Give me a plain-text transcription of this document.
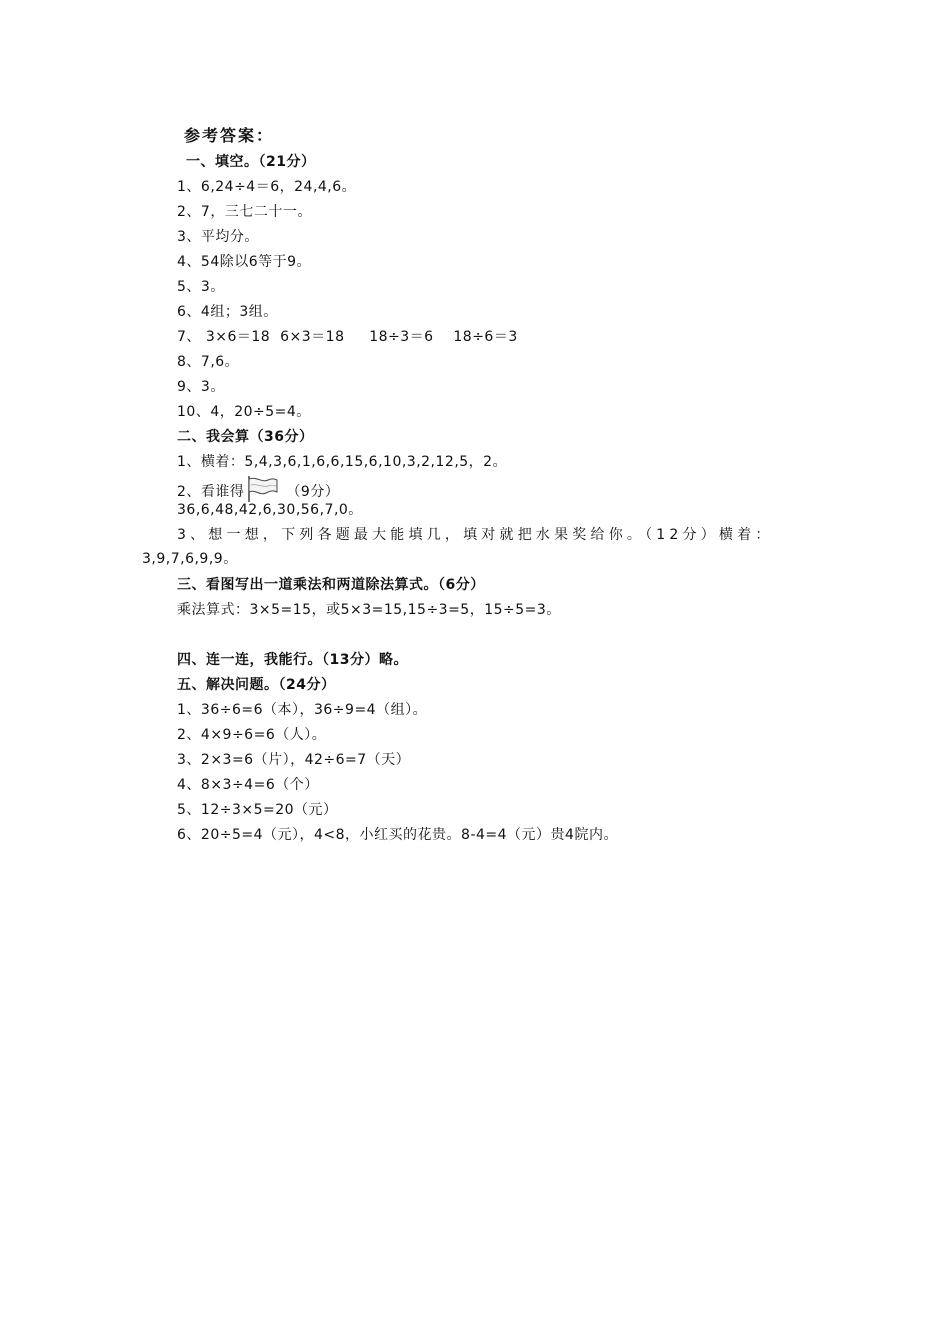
参考答案：
一、填空。（21分）
1、6,24÷4＝6，24,4,6。
2、7，三七二十一。
3、平均分。
4、54除以6等于9。
5、3。
6、4组；3组。
7、 3×6＝18  6×3＝18     18÷3＝6    18÷6＝3
8、7,6。
9、3。
10、4，20÷5=4。
二、我会算（36分）
1、横着：5,4,3,6,1,6,6,15,6,10,3,2,12,5，2。
2、看谁得	（9分）
36,6,48,42,6,30,56,7,0。
3、想一想，下列各题最大能填几，填对就把水果奖给你。（12分）横着：
3,9,7,6,9,9。
三、看图写出一道乘法和两道除法算式。（6分）
乘法算式：3×5=15，或5×3=15,15÷3=5，15÷5=3。
四、连一连，我能行。（13分）略。
五、解决问题。（24分）
1、36÷6=6（本），36÷9=4（组）。
2、4×9÷6=6（人）。
3、2×3=6（片），42÷6=7（天）
4、8×3÷4=6（个）
5、12÷3×5=20（元）
6、20÷5=4（元），4<8，小红买的花贵。8-4=4（元）贵4院内。
